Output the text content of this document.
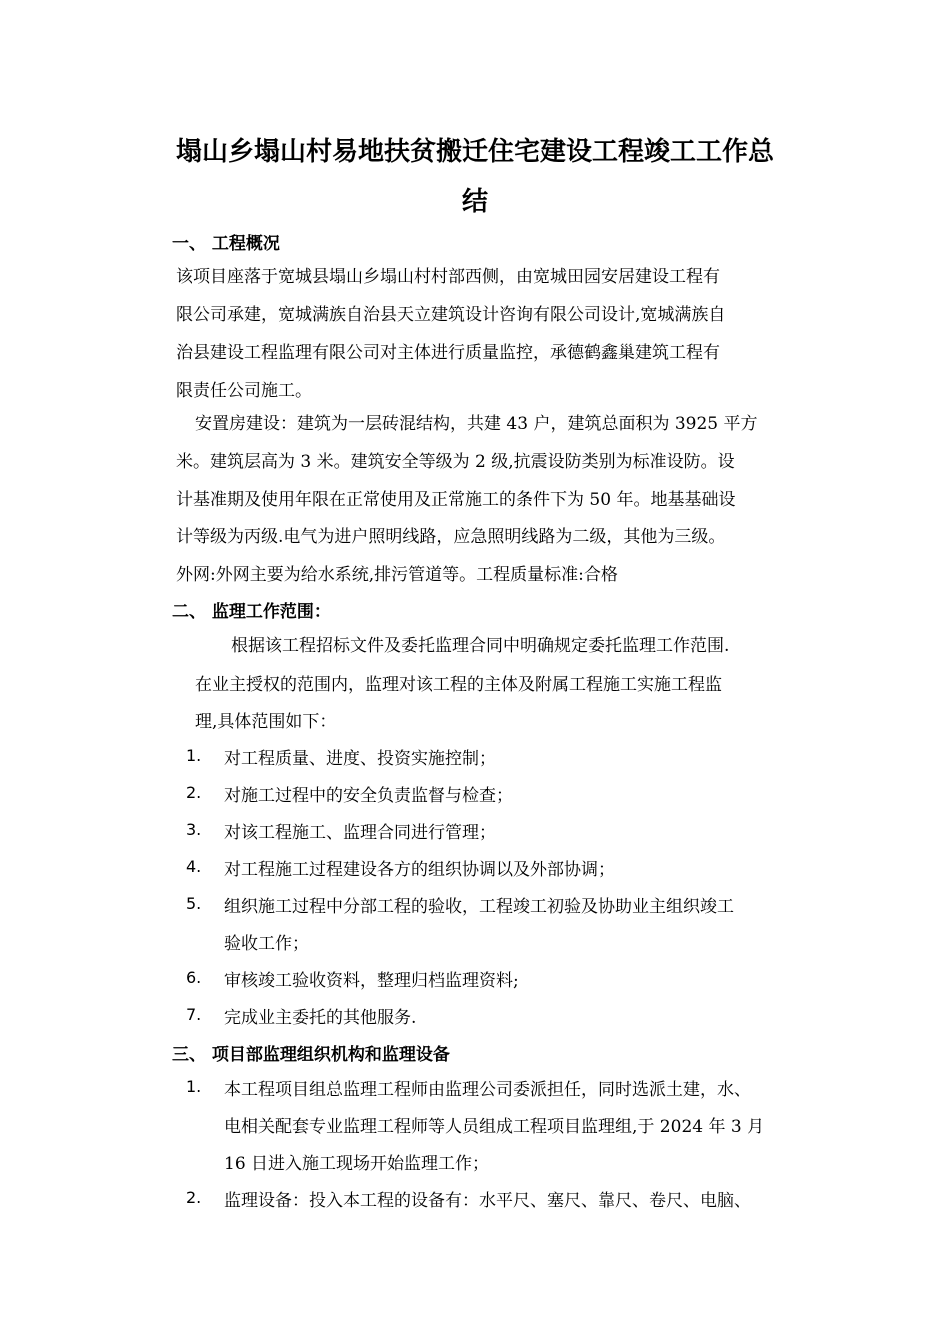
塌山乡塌山村易地扶贫搬迁住宅建设工程竣工工作总
结
一、 工程概况
该项目座落于宽城县塌山乡塌山村村部西侧，由宽城田园安居建设工程有
限公司承建，宽城满族自治县天立建筑设计咨询有限公司设计,宽城满族自
治县建设工程监理有限公司对主体进行质量监控，承德鹤鑫巢建筑工程有
限责任公司施工。
安置房建设：建筑为一层砖混结构，共建 43 户，建筑总面积为 3925 平方
米。建筑层高为 3 米。建筑安全等级为 2 级,抗震设防类别为标准设防。设
计基准期及使用年限在正常使用及正常施工的条件下为 50 年。地基基础设
计等级为丙级.电气为进户照明线路，应急照明线路为二级，其他为三级。
外网:外网主要为给水系统,排污管道等。工程质量标准:合格
二、 监理工作范围：
根据该工程招标文件及委托监理合同中明确规定委托监理工作范围.
在业主授权的范围内，监理对该工程的主体及附属工程施工实施工程监
理,具体范围如下：
1. 对工程质量、进度、投资实施控制；
2. 对施工过程中的安全负责监督与检查；
3. 对该工程施工、监理合同进行管理；
4. 对工程施工过程建设各方的组织协调以及外部协调；
5. 组织施工过程中分部工程的验收，工程竣工初验及协助业主组织竣工
验收工作；
6. 审核竣工验收资料，整理归档监理资料;
7. 完成业主委托的其他服务.
三、 项目部监理组织机构和监理设备
1. 本工程项目组总监理工程师由监理公司委派担任，同时选派土建，水、
电相关配套专业监理工程师等人员组成工程项目监理组,于 2024 年 3 月
16 日进入施工现场开始监理工作；
2. 监理设备：投入本工程的设备有：水平尺、塞尺、靠尺、卷尺、电脑、
